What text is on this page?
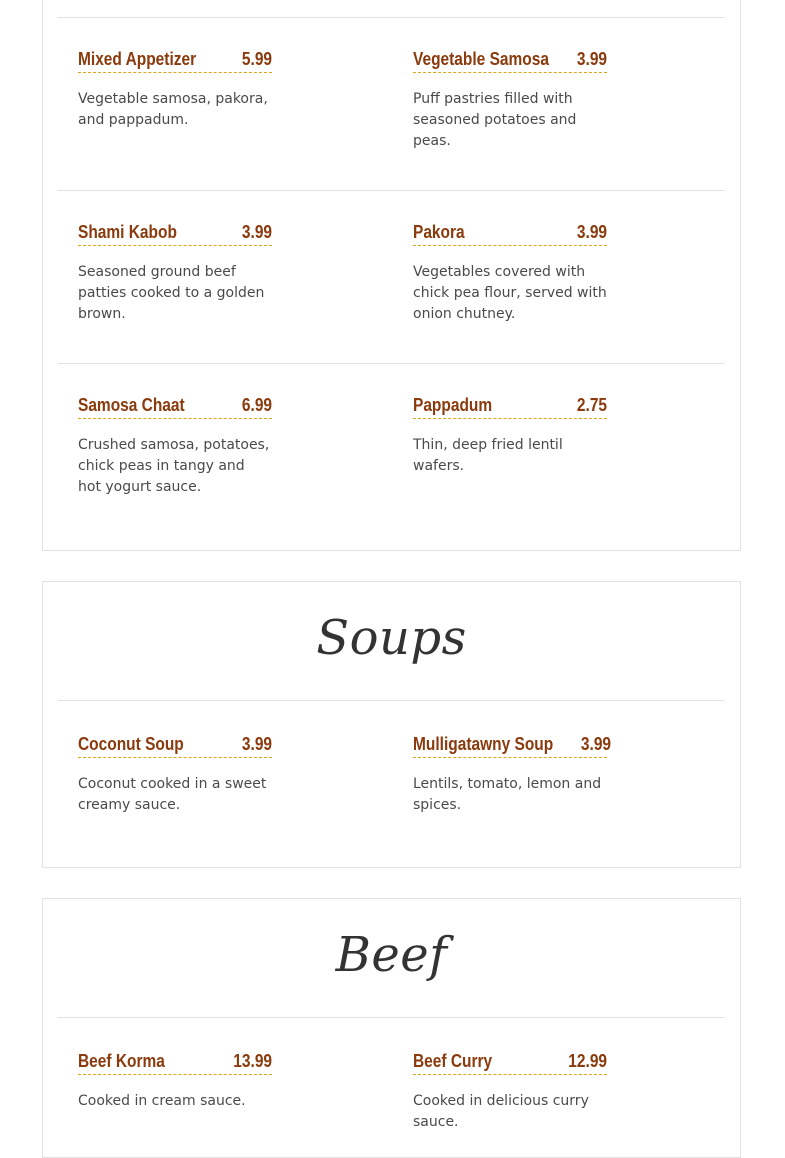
Mixed Appetizer	5.99
Vegetable samosa, pakora, and pappadum.
Vegetable Samosa 3.99
Puff pastries filled with seasoned potatoes and peas.
Shami Kabob	3.99
Seasoned ground beef patties cooked to a golden brown.
Pakora	3.99
Vegetables covered with chick pea flour, served with onion chutney.
Samosa Chaat	6.99
Crushed samosa, potatoes, chick peas in tangy and hot yogurt sauce.
Pappadum	2.75
Thin, deep fried lentil wafers.
Soups
Coconut Soup	3.99
Coconut cooked in a sweet creamy sauce.
Mulligatawny Soup 3.99
Lentils, tomato, lemon and spices.
Beef
Beef Korma	13.99
Cooked in cream sauce.
Beef Curry	12.99
Cooked in delicious curry sauce.
